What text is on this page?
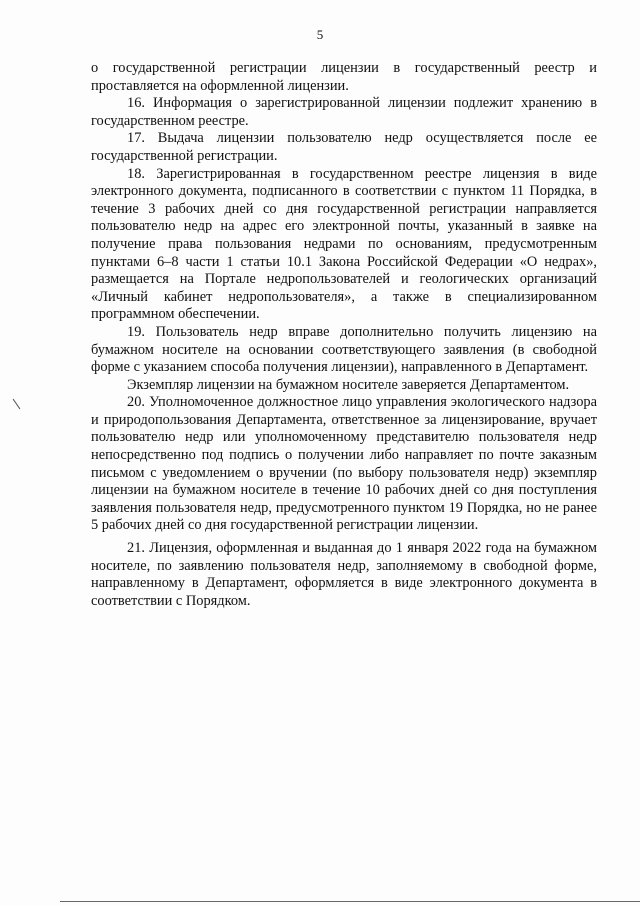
5

о государственной регистрации лицензии в государственный реестр и проставляется на оформленной лицензии.

16. Информация о зарегистрированной лицензии подлежит хранению в государственном реестре.

17. Выдача лицензии пользователю недр осуществляется после ее государственной регистрации.

18. Зарегистрированная в государственном реестре лицензия в виде электронного документа, подписанного в соответствии с пунктом 11 Порядка, в течение 3 рабочих дней со дня государственной регистрации направляется пользователю недр на адрес его электронной почты, указанный в заявке на получение права пользования недрами по основаниям, предусмотренным пунктами 6–8 части 1 статьи 10.1 Закона Российской Федерации «О недрах», размещается на Портале недропользователей и геологических организаций «Личный кабинет недропользователя», а также в специализированном программном обеспечении.

19. Пользователь недр вправе дополнительно получить лицензию на бумажном носителе на основании соответствующего заявления (в свободной форме с указанием способа получения лицензии), направленного в Департамент.

Экземпляр лицензии на бумажном носителе заверяется Департаментом.

20. Уполномоченное должностное лицо управления экологического надзора и природопользования Департамента, ответственное за лицензирование, вручает пользователю недр или уполномоченному представителю пользователя недр непосредственно под подпись о получении либо направляет по почте заказным письмом с уведомлением о вручении (по выбору пользователя недр) экземпляр лицензии на бумажном носителе в течение 10 рабочих дней со дня поступления заявления пользователя недр, предусмотренного пунктом 19 Порядка, но не ранее 5 рабочих дней со дня государственной регистрации лицензии.

21. Лицензия, оформленная и выданная до 1 января 2022 года на бумажном носителе, по заявлению пользователя недр, заполняемому в свободной форме, направленному в Департамент, оформляется в виде электронного документа в соответствии с Порядком.
